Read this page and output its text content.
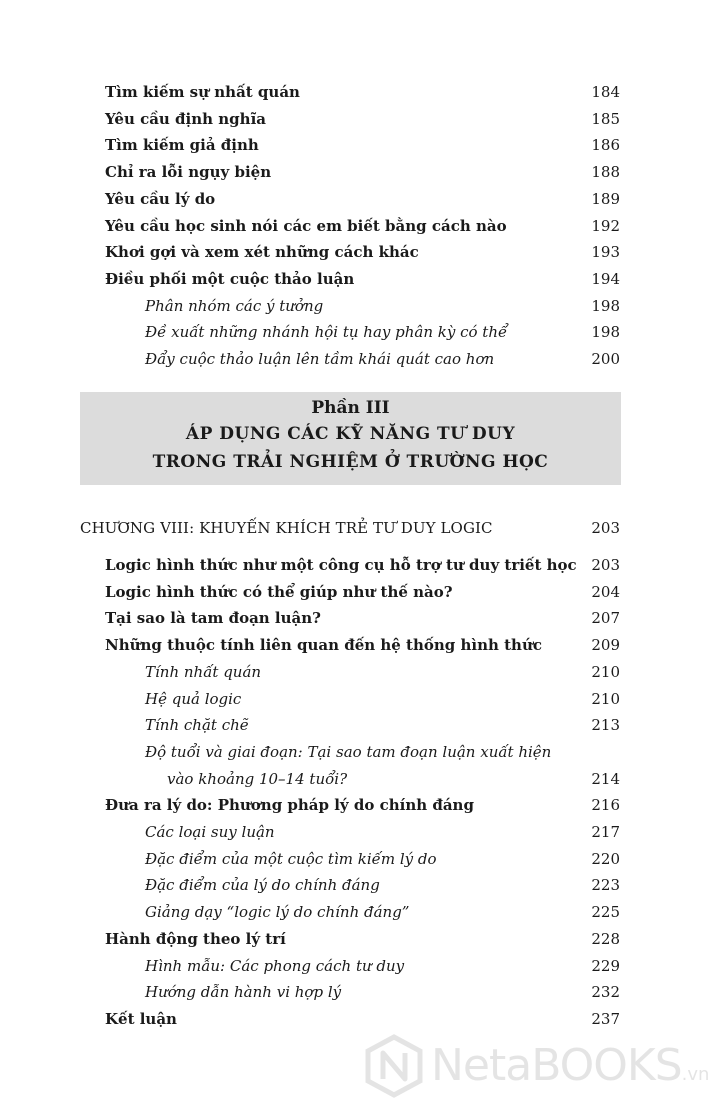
Tìm kiếm sự nhất quán	184
Yêu cầu định nghĩa	185
Tìm kiếm giả định	186
Chỉ ra lỗi ngụy biện	188
Yêu cầu lý do	189
Yêu cầu học sinh nói các em biết bằng cách nào	192
Khơi gợi và xem xét những cách khác	193
Điều phối một cuộc thảo luận	194
Phân nhóm các ý tưởng	198
Đề xuất những nhánh hội tụ hay phân kỳ có thể	198
Đẩy cuộc thảo luận lên tầm khái quát cao hơn	200
Phần III
ÁP DỤNG CÁC KỸ NĂNG TƯ DUY
TRONG TRẢI NGHIỆM Ở TRƯỜNG HỌC
CHƯƠNG VIII: KHUYẾN KHÍCH TRẺ TƯ DUY LOGIC	203
Logic hình thức như một công cụ hỗ trợ tư duy triết học 203
Logic hình thức có thể giúp như thế nào?	204
Tại sao là tam đoạn luận?	207
Những thuộc tính liên quan đến hệ thống hình thức	209
Tính nhất quán	210
Hệ quả logic	210
Tính chặt chẽ	213
Độ tuổi và giai đoạn: Tại sao tam đoạn luận xuất hiện
vào khoảng 10–14 tuổi?	214
Đưa ra lý do: Phương pháp lý do chính đáng	216
Các loại suy luận	217
Đặc điểm của một cuộc tìm kiếm lý do	220
Đặc điểm của lý do chính đáng	223
Giảng dạy “logic lý do chính đáng”	225
Hành động theo lý trí	228
Hình mẫu: Các phong cách tư duy	229
Hướng dẫn hành vi hợp lý	232
Kết luận	237
NetaBOOKS.vn
